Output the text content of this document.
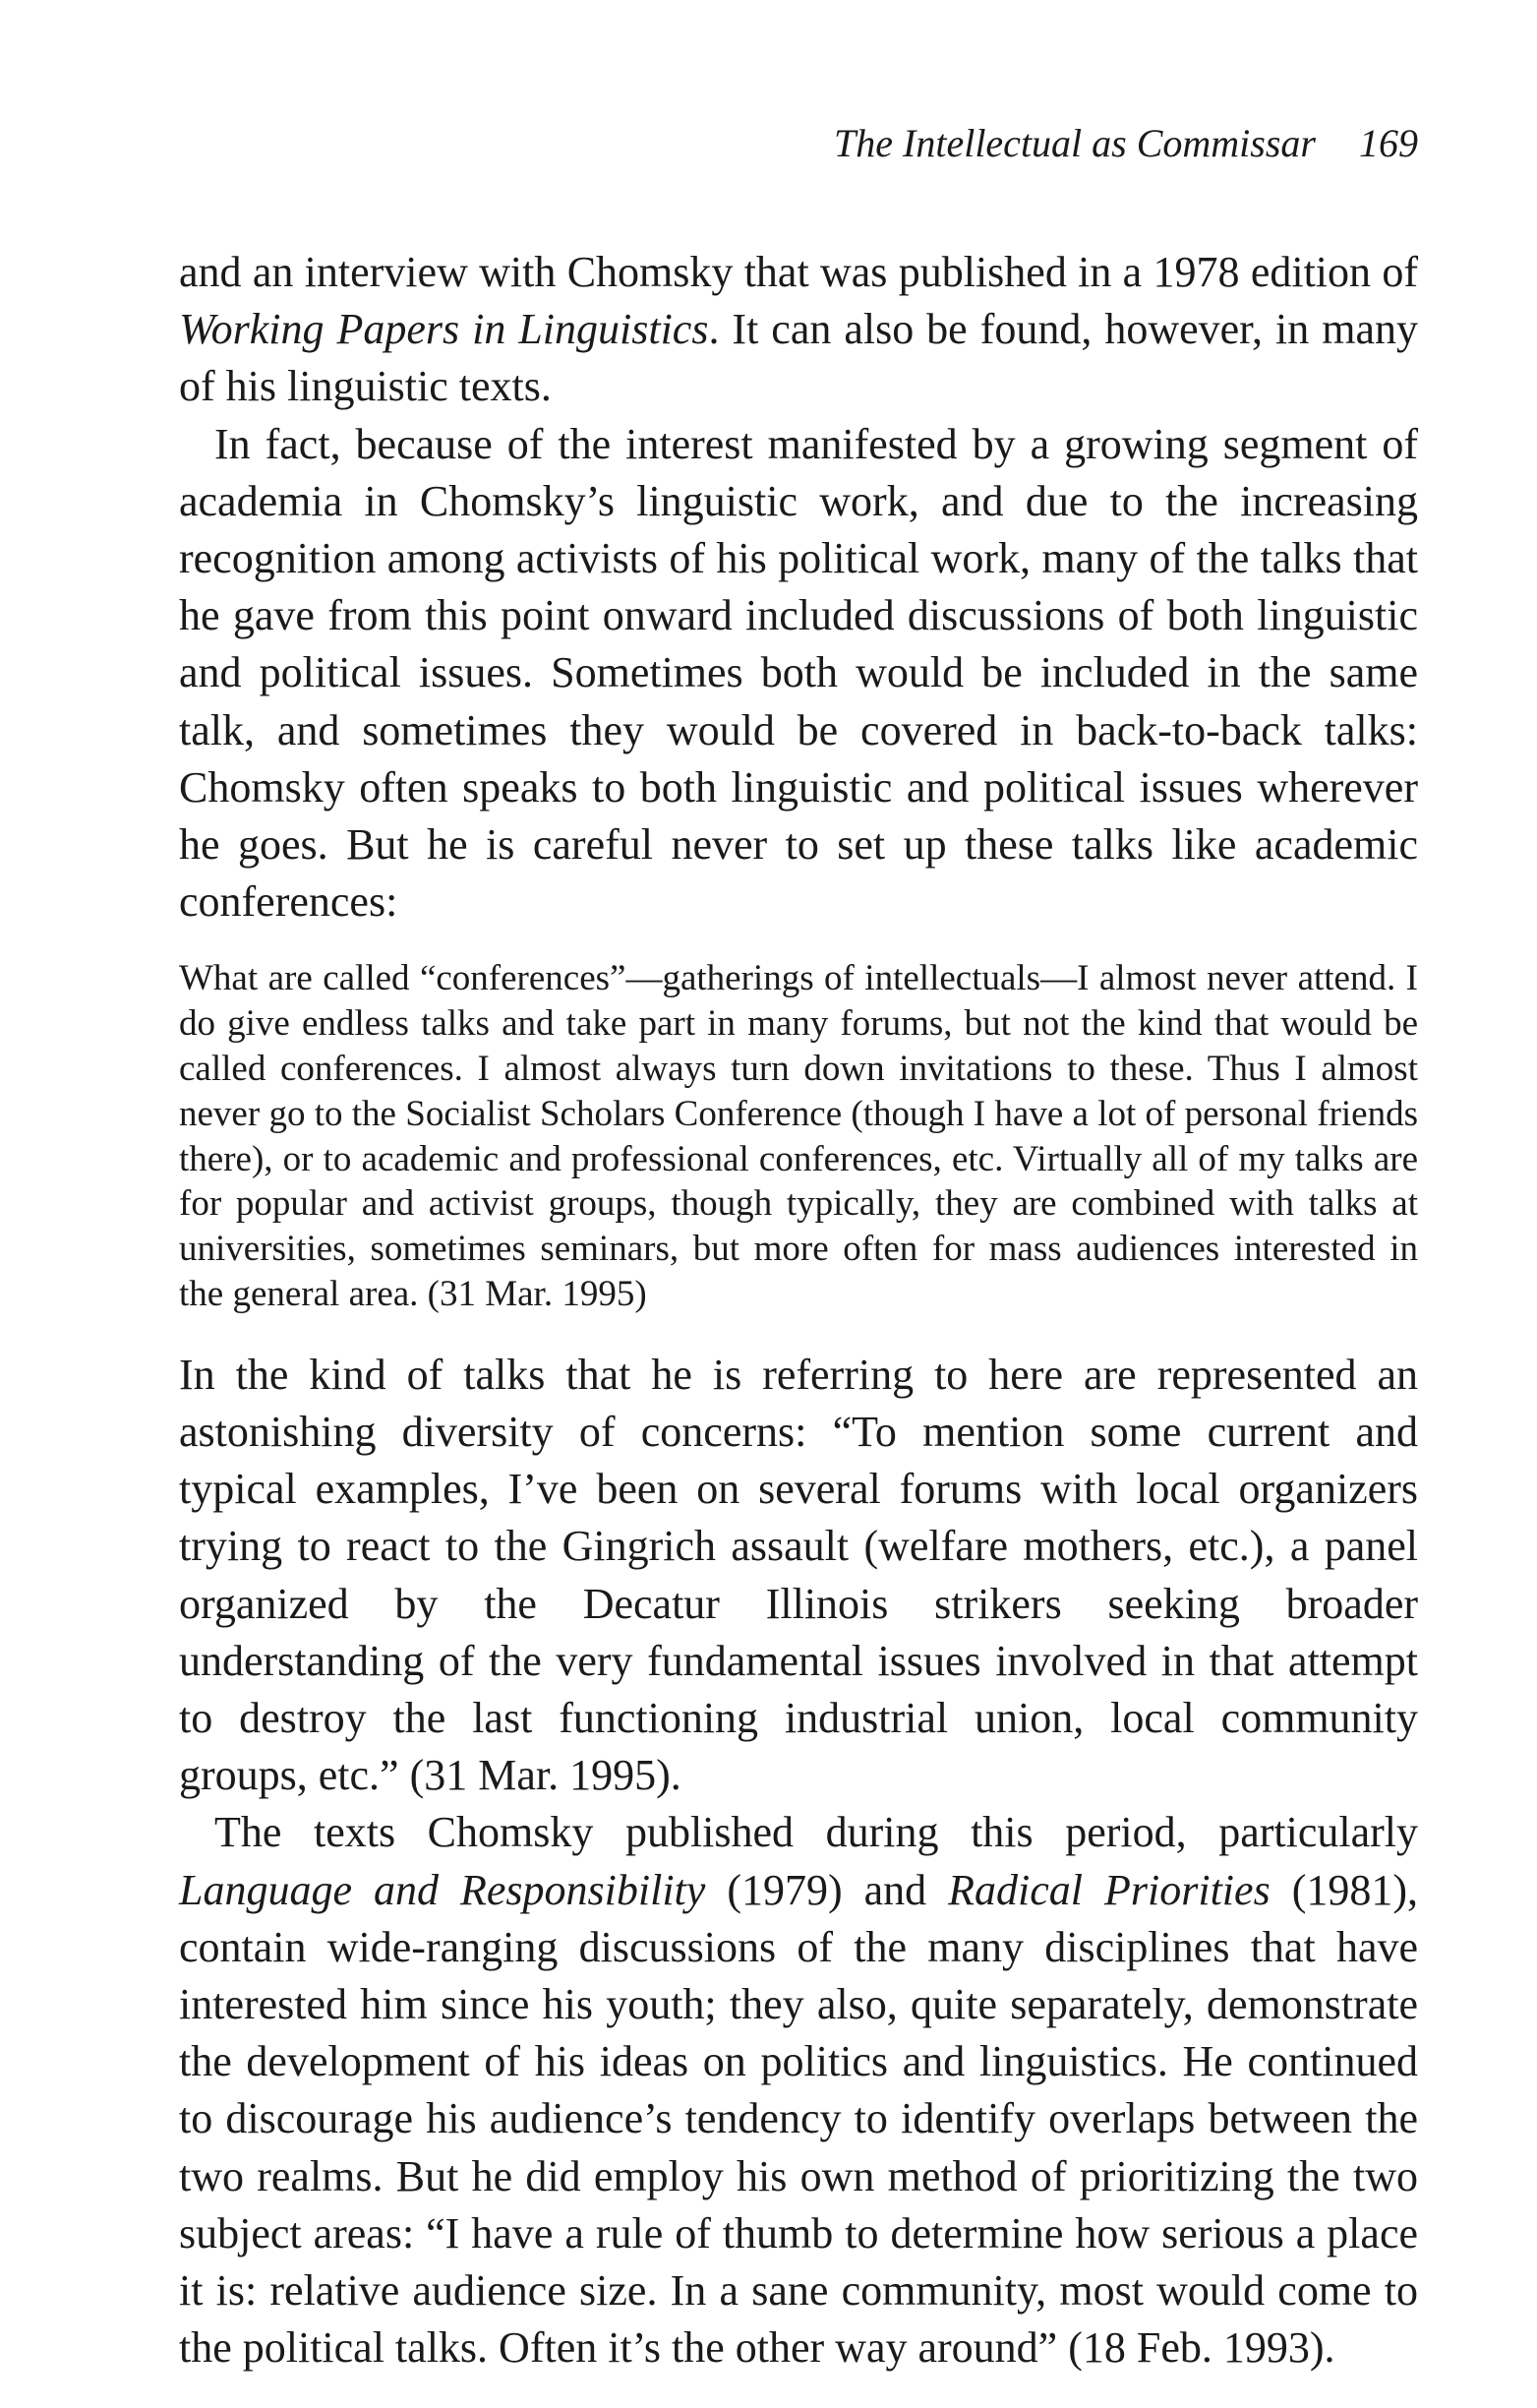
The Intellectual as Commissar 169

and an interview with Chomsky that was published in a 1978 edition of Working Papers in Linguistics. It can also be found, however, in many of his linguistic texts.

In fact, because of the interest manifested by a growing segment of academia in Chomsky’s linguistic work, and due to the increasing recognition among activists of his political work, many of the talks that he gave from this point onward included discussions of both linguistic and political issues. Sometimes both would be included in the same talk, and sometimes they would be covered in back-to-back talks: Chomsky often speaks to both linguistic and political issues wherever he goes. But he is careful never to set up these talks like academic conferences:

What are called “conferences”—gatherings of intellectuals—I almost never attend. I do give endless talks and take part in many forums, but not the kind that would be called conferences. I almost always turn down invitations to these. Thus I almost never go to the Socialist Scholars Conference (though I have a lot of personal friends there), or to academic and professional conferences, etc. Virtually all of my talks are for popular and activist groups, though typically, they are combined with talks at universities, sometimes seminars, but more often for mass audiences interested in the general area. (31 Mar. 1995)

In the kind of talks that he is referring to here are represented an astonishing diversity of concerns: “To mention some current and typical examples, I’ve been on several forums with local organizers trying to react to the Gingrich assault (welfare mothers, etc.), a panel organized by the Decatur Illinois strikers seeking broader understanding of the very fundamental issues involved in that attempt to destroy the last functioning industrial union, local community groups, etc.” (31 Mar. 1995).

The texts Chomsky published during this period, particularly Language and Responsibility (1979) and Radical Priorities (1981), contain wide-ranging discussions of the many disciplines that have interested him since his youth; they also, quite separately, demonstrate the development of his ideas on politics and linguistics. He continued to discourage his audience’s tendency to identify overlaps between the two realms. But he did employ his own method of prioritizing the two subject areas: “I have a rule of thumb to determine how serious a place it is: relative audience size. In a sane community, most would come to the political talks. Often it’s the other way around” (18 Feb. 1993).
